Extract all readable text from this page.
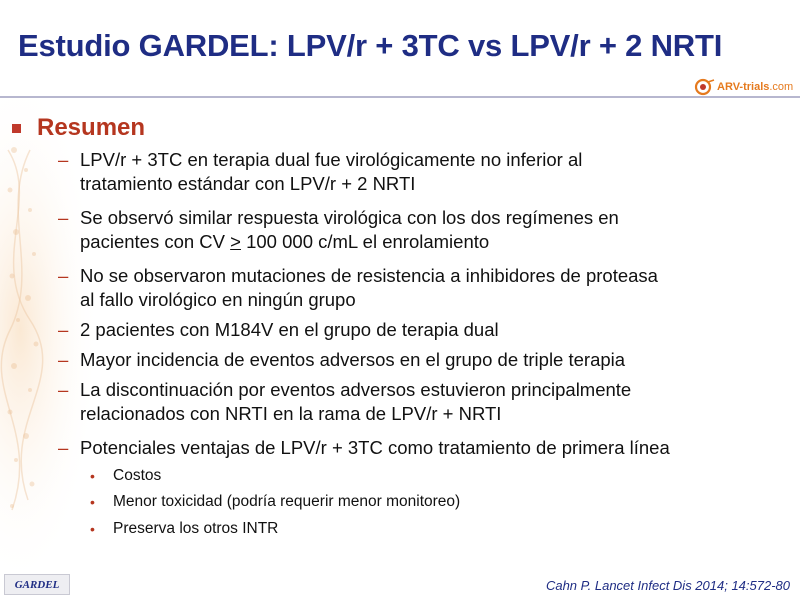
Estudio GARDEL: LPV/r + 3TC vs LPV/r + 2 NRTI
ARV-trials.com
Resumen
– LPV/r + 3TC en terapia dual fue virológicamente no inferior al
tratamiento estándar con LPV/r + 2 NRTI
– Se observó similar respuesta virológica con los dos regímenes en
pacientes con CV > 100 000 c/mL el enrolamiento
– No se observaron mutaciones de resistencia a inhibidores de proteasa
al fallo virológico en ningún grupo
– 2 pacientes con M184V en el grupo de terapia dual
– Mayor incidencia de eventos adversos en el grupo de triple terapia
– La discontinuación por eventos adversos estuvieron principalmente
relacionados con NRTI en la rama de LPV/r + NRTI
– Potenciales ventajas de LPV/r + 3TC como tratamiento de primera línea
• Costos
• Menor toxicidad (podría requerir menor monitoreo)
• Preserva los otros INTR
GARDEL	Cahn P. Lancet Infect Dis 2014; 14:572-80
